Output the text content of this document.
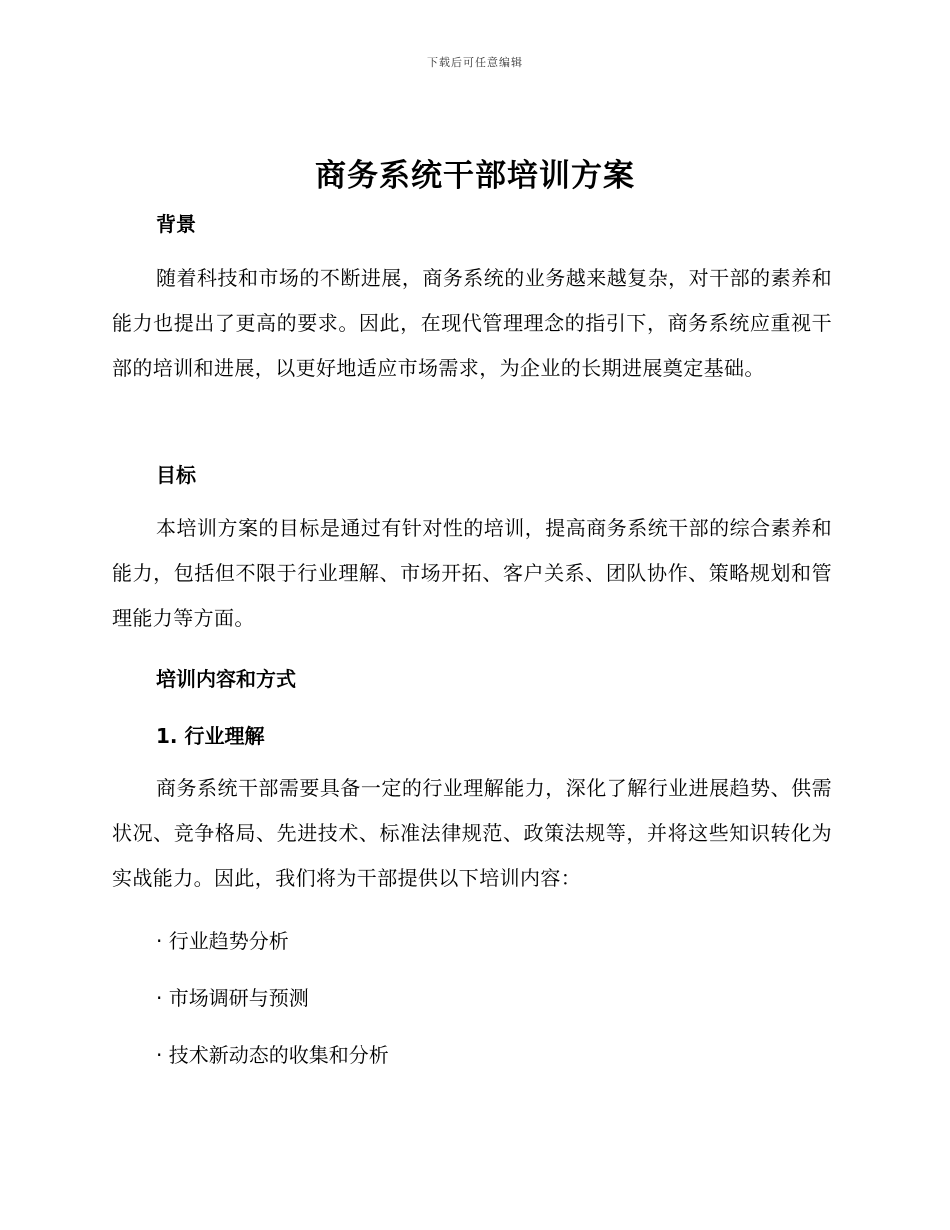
下载后可任意编辑
商务系统干部培训方案
背景
随着科技和市场的不断进展，商务系统的业务越来越复杂，对干部的素养和能力也提出了更高的要求。因此，在现代管理理念的指引下，商务系统应重视干部的培训和进展，以更好地适应市场需求，为企业的长期进展奠定基础。
目标
本培训方案的目标是通过有针对性的培训，提高商务系统干部的综合素养和能力，包括但不限于行业理解、市场开拓、客户关系、团队协作、策略规划和管理能力等方面。
培训内容和方式
1. 行业理解
商务系统干部需要具备一定的行业理解能力，深化了解行业进展趋势、供需状况、竞争格局、先进技术、标准法律规范、政策法规等，并将这些知识转化为实战能力。因此，我们将为干部提供以下培训内容：
· 行业趋势分析
· 市场调研与预测
· 技术新动态的收集和分析
